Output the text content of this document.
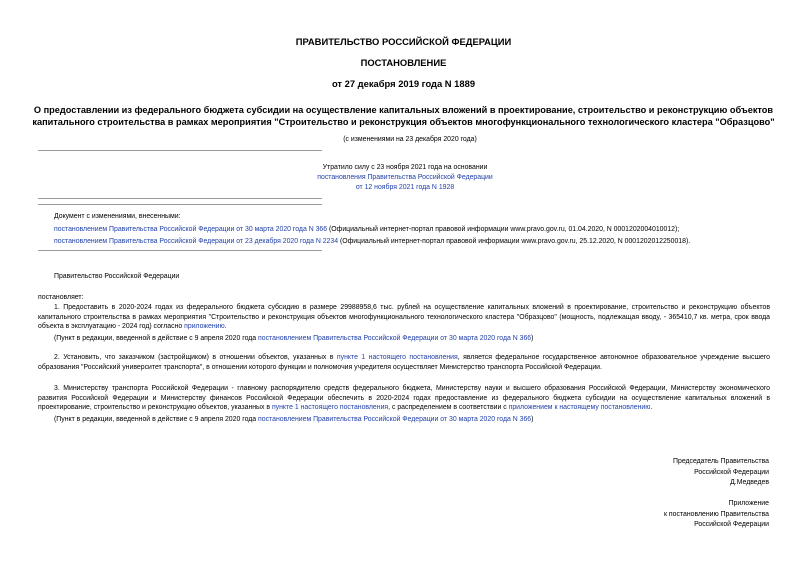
ПРАВИТЕЛЬСТВО РОССИЙСКОЙ ФЕДЕРАЦИИ
ПОСТАНОВЛЕНИЕ
от 27 декабря 2019 года N 1889
О предоставлении из федерального бюджета субсидии на осуществление капитальных вложений в проектирование, строительство и реконструкцию объектов
капитального строительства в рамках мероприятия "Строительство и реконструкция объектов многофункционального технологического кластера "Образцово"
(с изменениями на 23 декабря 2020 года)
Утратило силу с 23 ноября 2021 года на основании
постановления Правительства Российской Федерации
от 12 ноября 2021 года N 1928
Документ с изменениями, внесенными:
постановлением Правительства Российской Федерации от 30 марта 2020 года N 366 (Официальный интернет-портал правовой информации www.pravo.gov.ru, 01.04.2020, N 0001202004010012);
постановлением Правительства Российской Федерации от 23 декабря 2020 года N 2234 (Официальный интернет-портал правовой информации www.pravo.gov.ru, 25.12.2020, N 0001202012250018).
Правительство Российской Федерации
постановляет:
1. Предоставить в 2020-2024 годах из федерального бюджета субсидию в размере 29988958,6 тыс. рублей на осуществление капитальных вложений в проектирование, строительство и реконструкцию объектов капитального строительства в рамках мероприятия "Строительство и реконструкция объектов многофункционального технологического кластера "Образцово" (мощность, подлежащая вводу, - 365410,7 кв. метра, срок ввода объекта в эксплуатацию - 2024 год) согласно приложению.
(Пункт в редакции, введенной в действие с 9 апреля 2020 года постановлением Правительства Российской Федерации от 30 марта 2020 года N 366)
2. Установить, что заказчиком (застройщиком) в отношении объектов, указанных в пункте 1 настоящего постановления, является федеральное государственное автономное образовательное учреждение высшего образования "Российский университет транспорта", в отношении которого функции и полномочия учредителя осуществляет Министерство транспорта Российской Федерации.
3. Министерству транспорта Российской Федерации - главному распорядителю средств федерального бюджета, Министерству науки и высшего образования Российской Федерации, Министерству экономического развития Российской Федерации и Министерству финансов Российской Федерации обеспечить в 2020-2024 годах предоставление из федерального бюджета субсидии на осуществление капитальных вложений в проектирование, строительство и реконструкцию объектов, указанных в пункте 1 настоящего постановления, с распределением в соответствии с приложением к настоящему постановлению.
(Пункт в редакции, введенной в действие с 9 апреля 2020 года постановлением Правительства Российской Федерации от 30 марта 2020 года N 366)
Председатель Правительства
Российской Федерации
Д.Медведев
Приложение
к постановлению Правительства
Российской Федерации
